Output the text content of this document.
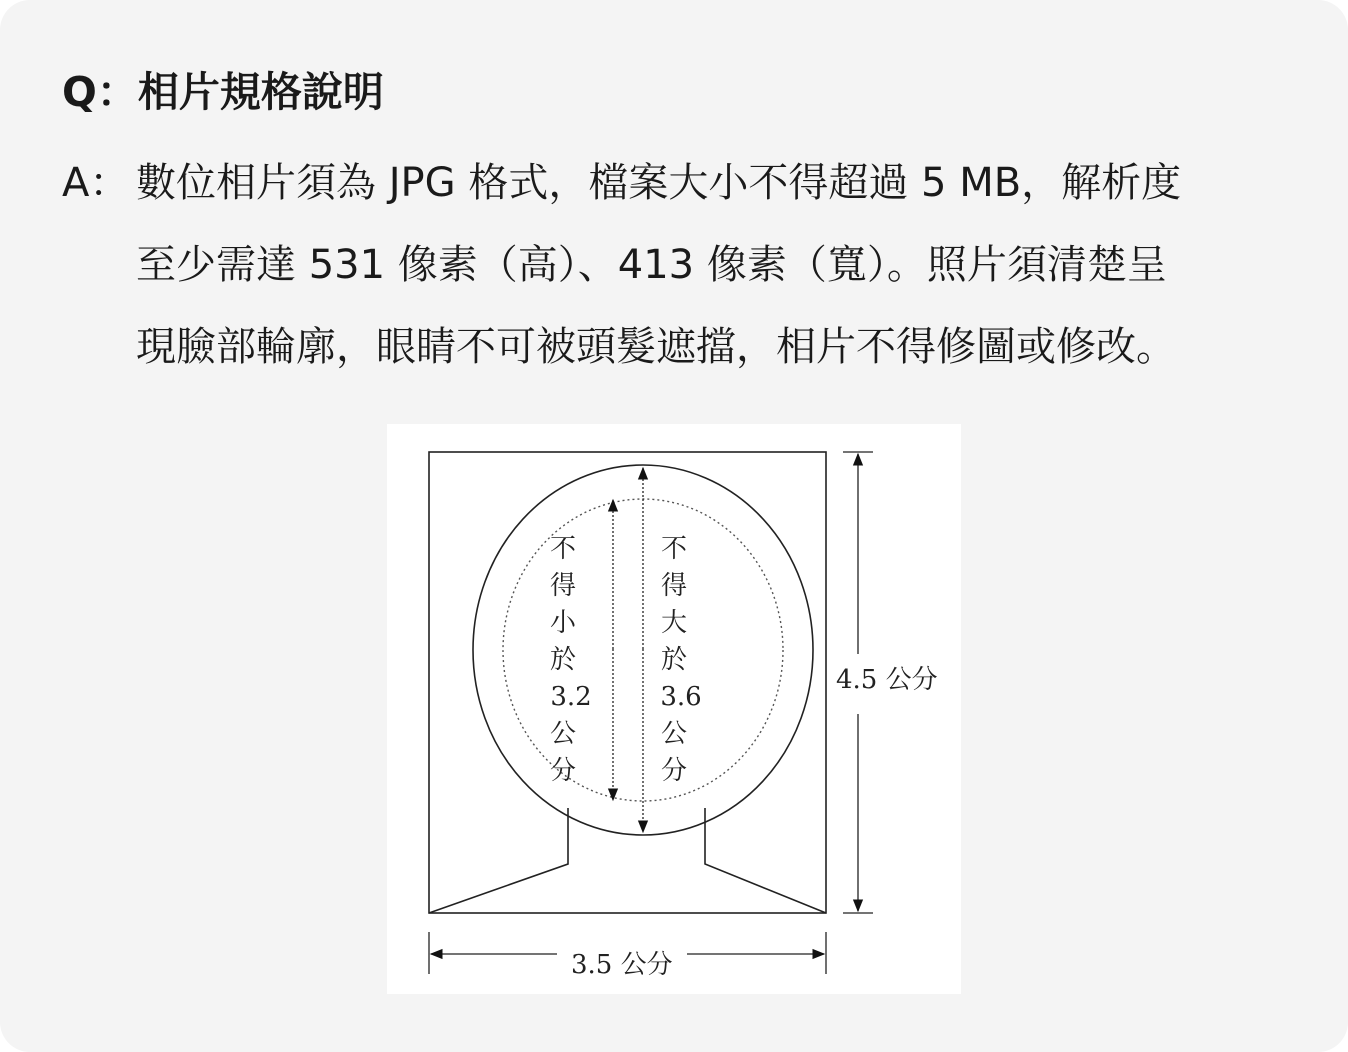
Q：相片規格說明
A： 數位相片須為 JPG 格式，檔案大小不得超過 5 MB，解析度
至少需達 531 像素（高）、413 像素（寬）。照片須清楚呈
現臉部輪廓，眼睛不可被頭髮遮擋，相片不得修圖或修改。
不
得
小
於
3.2
公
分
不
得
大
於
3.6
公
分
4.5 公分
3.5 公分
